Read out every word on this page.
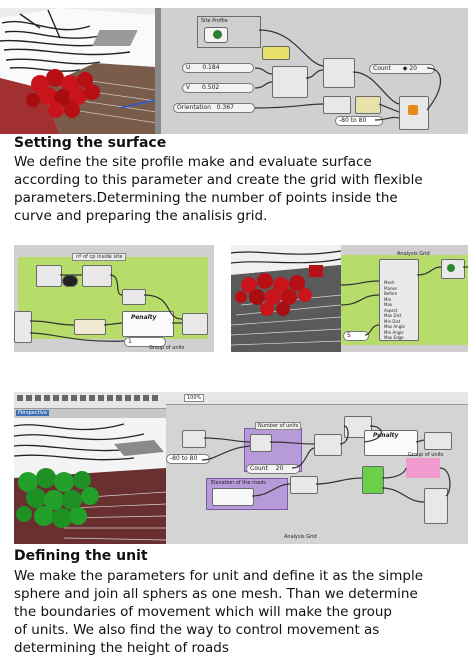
Site Profile
U 0.184
V 0.502
Orientation 0.367
Count ◆ 20
-80 to 80
Setting the surface
We define the site profile make and evaluate surface
according to this parameter and create the grid with flexible
parameters.Determining the number of points inside the
curve and preparing the analisis grid.
nº of cp inside site
Penalty
1
Group of units
Analysis Grid
Mesh
Planes
Before
Min
Max
Aspect
Max Dist
Min Dist
Max Angle
Min Angle
Max Edge
5
Perspective
100%
Number of units
Count 20
-80 to 80
Penalty
Group of units
Elevation of the roads
Analysis Grid
Defining the unit
We make the parameters for unit and define it as the simple
sphere and join all sphers as one mesh. Than we determine
the boundaries of movement which will make the group
of units. We also find the way to control movement as
determining the height of roads
